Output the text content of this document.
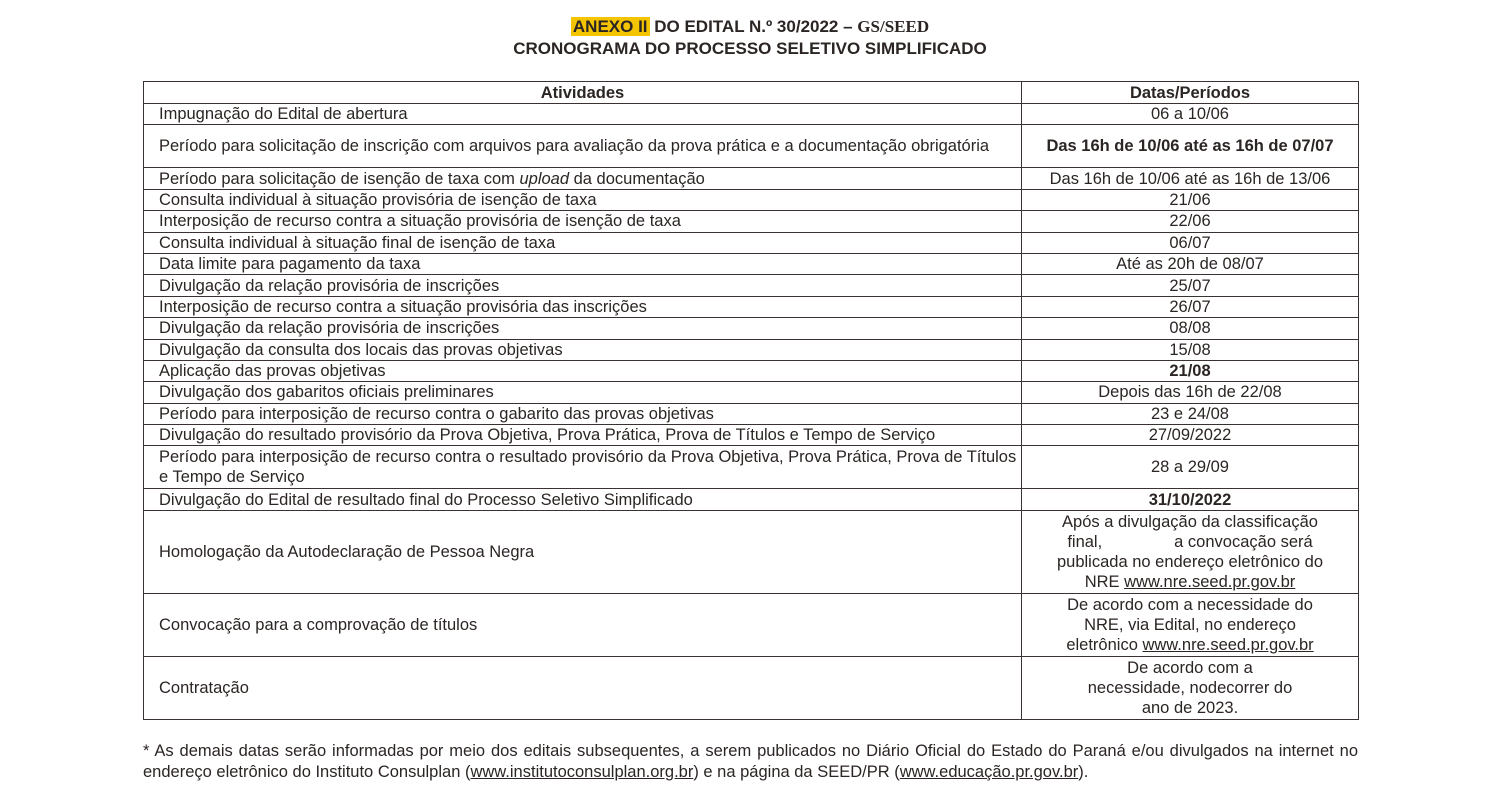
ANEXO II DO EDITAL N.º 30/2022 – GS/SEED
CRONOGRAMA DO PROCESSO SELETIVO SIMPLIFICADO
Atividades	Datas/Períodos
Impugnação do Edital de abertura	06 a 10/06
Período para solicitação de inscrição com arquivos para avaliação da prova prática e a documentação obrigatória	Das 16h de 10/06 até as 16h de 07/07
Período para solicitação de isenção de taxa com upload da documentação	Das 16h de 10/06 até as 16h de 13/06
Consulta individual à situação provisória de isenção de taxa	21/06
Interposição de recurso contra a situação provisória de isenção de taxa	22/06
Consulta individual à situação final de isenção de taxa	06/07
Data limite para pagamento da taxa	Até as 20h de 08/07
Divulgação da relação provisória de inscrições	25/07
Interposição de recurso contra a situação provisória das inscrições	26/07
Divulgação da relação provisória de inscrições	08/08
Divulgação da consulta dos locais das provas objetivas	15/08
Aplicação das provas objetivas	21/08
Divulgação dos gabaritos oficiais preliminares	Depois das 16h de 22/08
Período para interposição de recurso contra o gabarito das provas objetivas	23 e 24/08
Divulgação do resultado provisório da Prova Objetiva, Prova Prática, Prova de Títulos e Tempo de Serviço	27/09/2022
Período para interposição de recurso contra o resultado provisório da Prova Objetiva, Prova Prática, Prova de Títulos e Tempo de Serviço	28 a 29/09
Divulgação do Edital de resultado final do Processo Seletivo Simplificado	31/10/2022
Homologação da Autodeclaração de Pessoa Negra	Após a divulgação da classificação
final, a convocação será
publicada no endereço eletrônico do
NRE www.nre.seed.pr.gov.br

Convocação para a comprovação de títulos	De acordo com a necessidade do
NRE, via Edital, no endereço
eletrônico www.nre.seed.pr.gov.br

Contratação	De acordo com a
necessidade, nodecorrer do
ano de 2023.
* As demais datas serão informadas por meio dos editais subsequentes, a serem publicados no Diário Oficial do Estado do Paraná e/ou divulgados na internet no endereço eletrônico do Instituto Consulplan (www.institutoconsulplan.org.br) e na página da SEED/PR (www.educação.pr.gov.br).
